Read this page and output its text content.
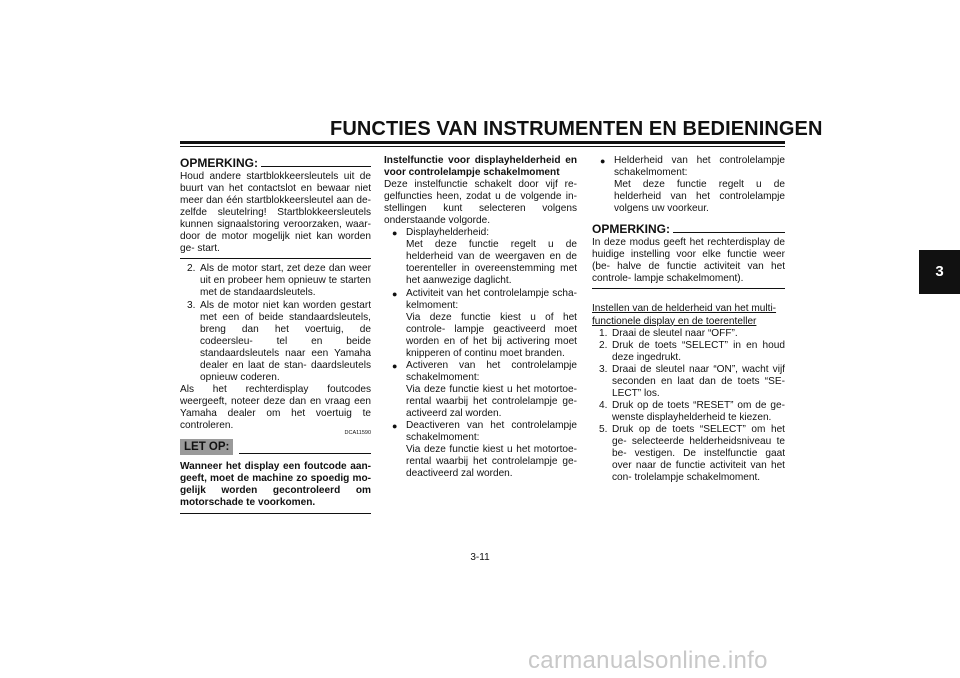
FUNCTIES VAN INSTRUMENTEN EN BEDIENINGEN
3
OPMERKING:

Houd andere startblokkeersleutels uit de buurt van het contactslot en bewaar niet meer dan één startblokkeersleutel aan de- zelfde sleutelring! Startblokkeersleutels kunnen signaalstoring veroorzaken, waar- door de motor mogelijk niet kan worden ge- start.

2. Als de motor start, zet deze dan weer uit en probeer hem opnieuw te starten met de standaardsleutels.
3. Als de motor niet kan worden gestart met een of beide standaardsleutels, breng dan het voertuig, de codeersleu- tel en beide standaardsleutels naar een Yamaha dealer en laat de stan- daardsleutels opnieuw coderen.

Als het rechterdisplay foutcodes weergeeft, noteer deze dan en vraag een Yamaha dealer om het voertuig te controleren.

DCA11590
LET OP:

Wanneer het display een foutcode aan- geeft, moet de machine zo spoedig mo- gelijk worden gecontroleerd om motorschade te voorkomen.

Instelfunctie voor displayhelderheid en voor controlelampje schakelmoment

Deze instelfunctie schakelt door vijf re- gelfuncties heen, zodat u de volgende in- stellingen kunt selecteren volgens onderstaande volgorde.

● Displayhelderheid:

Met deze functie regelt u de helderheid van de weergaven en de toerenteller in overeenstemming met het aanwezige daglicht.

● Activiteit van het controlelampje scha- kelmoment:

Via deze functie kiest u of het controle- lampje geactiveerd moet worden en of het bij activering moet knipperen of continu moet branden.

● Activeren van het controlelampje schakelmoment:

Via deze functie kiest u het motortoe- rental waarbij het controlelampje ge- activeerd zal worden.

● Deactiveren van het controlelampje schakelmoment:

Via deze functie kiest u het motortoe- rental waarbij het controlelampje ge- deactiveerd zal worden.

● Helderheid van het controlelampje schakelmoment:

Met deze functie regelt u de helderheid van het controlelampje volgens uw voorkeur.

OPMERKING:

In deze modus geeft het rechterdisplay de huidige instelling voor elke functie weer (be- halve de functie activiteit van het controle- lampje schakelmoment).

Instellen van de helderheid van het multi- functionele display en de toerenteller

1. Draai de sleutel naar “OFF”.
2. Druk de toets “SELECT” in en houd deze ingedrukt.
3. Draai de sleutel naar “ON”, wacht vijf seconden en laat dan de toets “SE- LECT” los.
4. Druk op de toets “RESET” om de ge- wenste displayhelderheid te kiezen.
5. Druk op de toets “SELECT” om het ge- selecteerde helderheidsniveau te be- vestigen. De instelfunctie gaat over naar de functie activiteit van het con- trolelampje schakelmoment.
3-11
carmanualsonline.info
